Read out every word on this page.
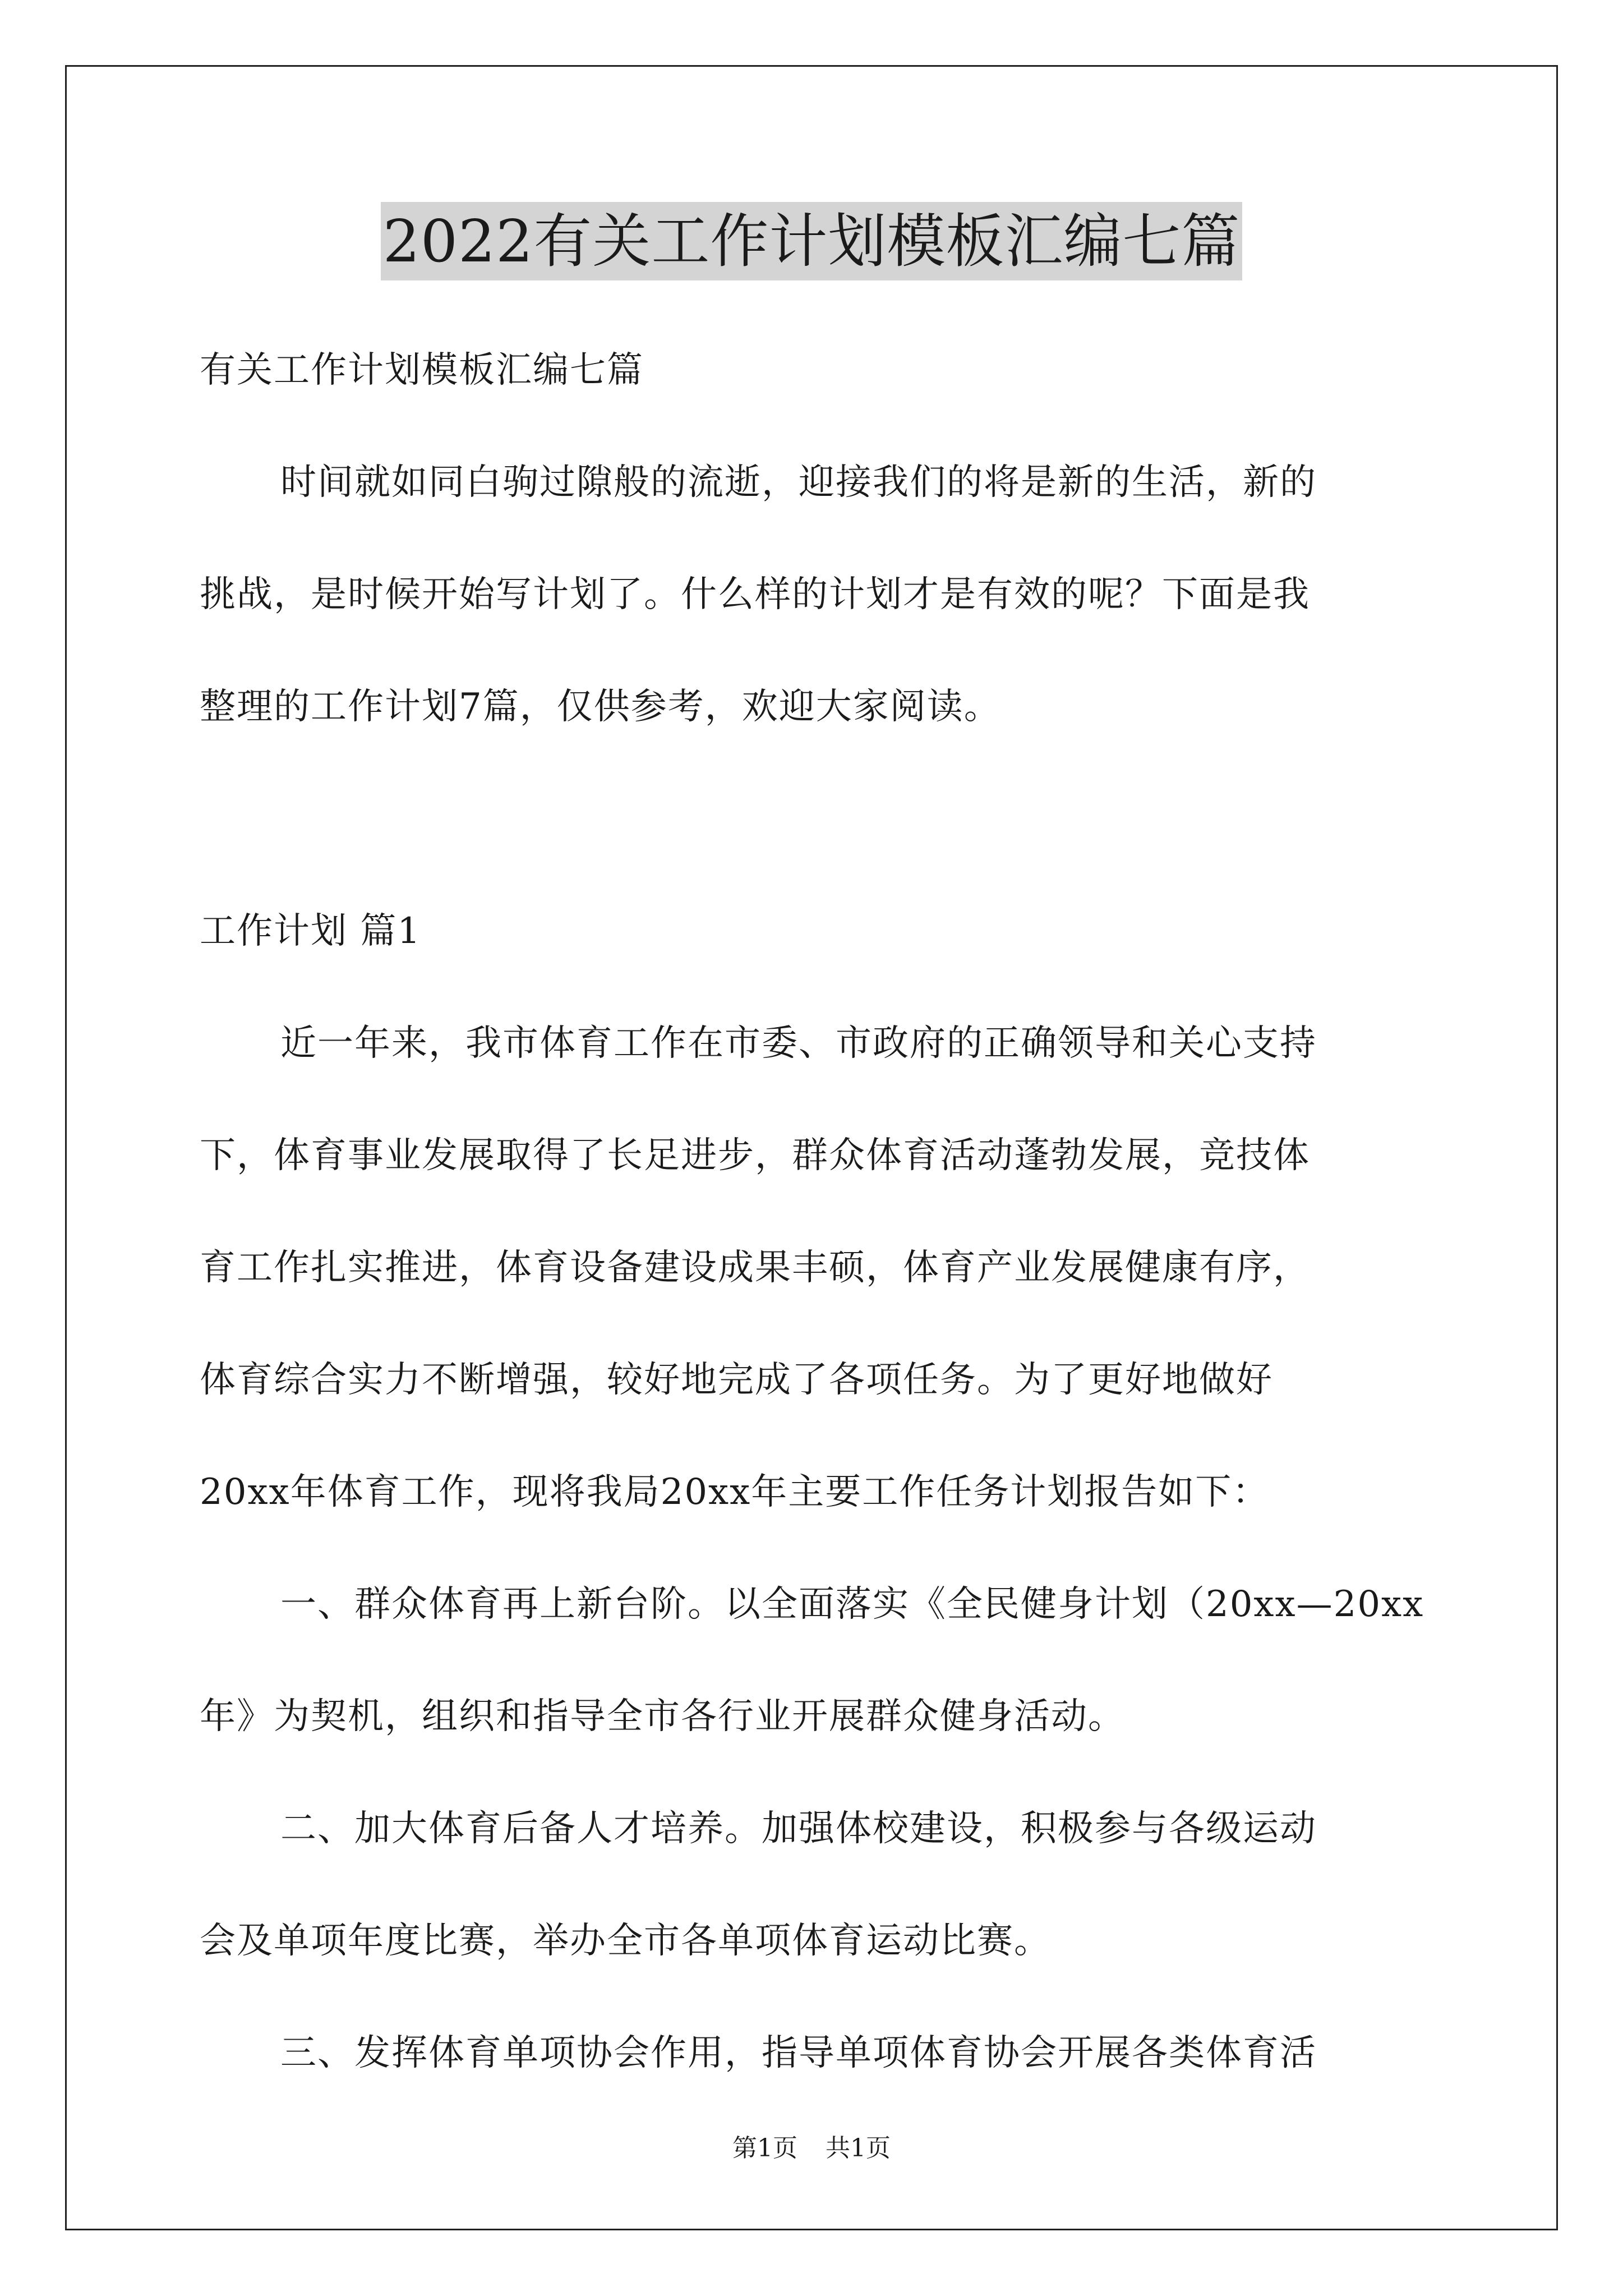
2022有关工作计划模板汇编七篇
有关工作计划模板汇编七篇
时间就如同白驹过隙般的流逝，迎接我们的将是新的生活，新的
挑战，是时候开始写计划了。什么样的计划才是有效的呢？下面是我
整理的工作计划7篇，仅供参考，欢迎大家阅读。
工作计划 篇1
近一年来，我市体育工作在市委、市政府的正确领导和关心支持
下，体育事业发展取得了长足进步，群众体育活动蓬勃发展，竞技体
育工作扎实推进，体育设备建设成果丰硕，体育产业发展健康有序，
体育综合实力不断增强，较好地完成了各项任务。为了更好地做好
20xx年体育工作，现将我局20xx年主要工作任务计划报告如下：
一、群众体育再上新台阶。以全面落实《全民健身计划（20xx—20xx
年》为契机，组织和指导全市各行业开展群众健身活动。
二、加大体育后备人才培养。加强体校建设，积极参与各级运动
会及单项年度比赛，举办全市各单项体育运动比赛。
三、发挥体育单项协会作用，指导单项体育协会开展各类体育活
第1页 共1页
